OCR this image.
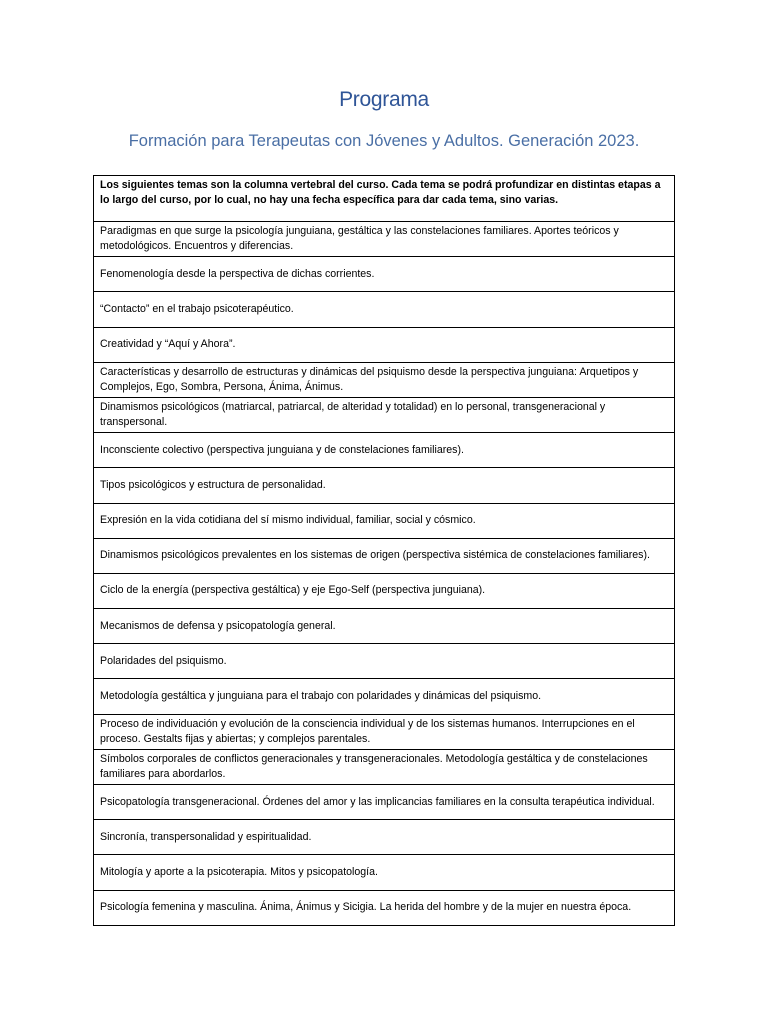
Programa
Formación para Terapeutas con Jóvenes y Adultos. Generación 2023.
Los siguientes temas son la columna vertebral del curso. Cada tema se podrá profundizar en distintas etapas a lo largo del curso, por lo cual, no hay una fecha específica para dar cada tema, sino varias.
Paradigmas en que surge la psicología junguiana, gestáltica y las constelaciones familiares. Aportes teóricos y metodológicos. Encuentros y diferencias.
Fenomenología desde la perspectiva de dichas corrientes.
“Contacto” en el trabajo psicoterapéutico.
Creatividad y “Aquí y Ahora”.
Características y desarrollo de estructuras y dinámicas del psiquismo desde la perspectiva junguiana: Arquetipos y Complejos, Ego, Sombra, Persona, Ánima, Ánimus.
Dinamismos psicológicos (matriarcal, patriarcal, de alteridad y totalidad) en lo personal, transgeneracional y transpersonal.
Inconsciente colectivo (perspectiva junguiana y de constelaciones familiares).
Tipos psicológicos y estructura de personalidad.
Expresión en la vida cotidiana del sí mismo individual, familiar, social y cósmico.
Dinamismos psicológicos prevalentes en los sistemas de origen (perspectiva sistémica de constelaciones familiares).
Ciclo de la energía (perspectiva gestáltica) y eje Ego-Self (perspectiva junguiana).
Mecanismos de defensa y psicopatología general.
Polaridades del psiquismo.
Metodología gestáltica y junguiana para el trabajo con polaridades y dinámicas del psiquismo.
Proceso de individuación y evolución de la consciencia individual y de los sistemas humanos. Interrupciones en el proceso. Gestalts fijas y abiertas; y complejos parentales.
Símbolos corporales de conflictos generacionales y transgeneracionales. Metodología gestáltica y de constelaciones familiares para abordarlos.
Psicopatología transgeneracional. Órdenes del amor y las implicancias familiares en la consulta terapéutica individual.
Sincronía, transpersonalidad y espiritualidad.
Mitología y aporte a la psicoterapia. Mitos y psicopatología.
Psicología femenina y masculina. Ánima, Ánimus y Sicigia. La herida del hombre y de la mujer en nuestra época.
